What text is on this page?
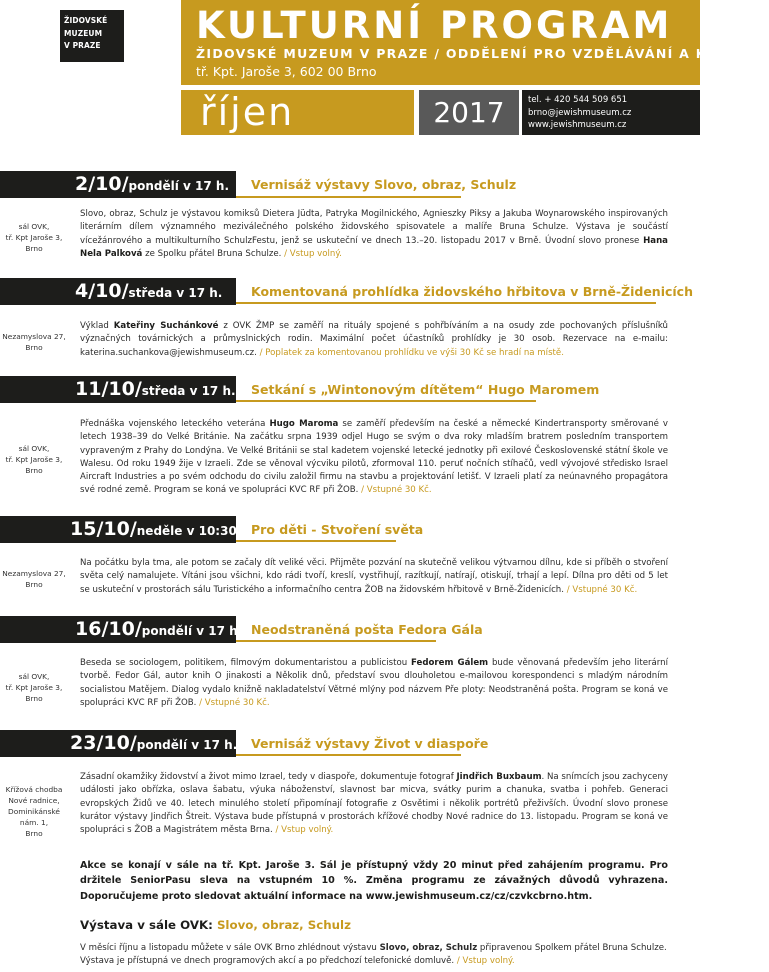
ŽIDOVSKÉ
MUZEUM
V PRAZE	KULTURNÍ PROGRAM
ŽIDOVSKÉ MUZEUM V PRAZE / ODDĚLENÍ PRO VZDĚLÁVÁNÍ A KULTURU
tř. Kpt. Jaroše 3, 602 00 Brno
říjen	2017	tel. + 420 544 509 651
brno@jewishmuseum.cz
www.jewishmuseum.cz
2/10/pondělí v 17 h. Vernisáž výstavy Slovo, obraz, Schulz
sál OVK,
tř. Kpt Jaroše 3,
Brno
Slovo, obraz, Schulz je výstavou komiksů Dietera Jüdta, Patryka Mogilnického, Agnieszky Piksy a Jakuba Woynarowského inspirovaných literárním dílem významného meziválečného polského židovského spisovatele a malíře Bruna Schulze. Výstava je součástí vícežánrového a multikulturního SchulzFestu, jenž se uskuteční ve dnech 13.–20. listopadu 2017 v Brně. Úvodní slovo pronese Hana Nela Palková ze Spolku přátel Bruna Schulze. / Vstup volný.
4/10/středa v 17 h. Komentovaná prohlídka židovského hřbitova v Brně-Židenicích
Nezamyslova 27,
Brno
Výklad Kateřiny Suchánkové z OVK ŽMP se zaměří na rituály spojené s pohřbíváním a na osudy zde pochovaných příslušníků význačných továrnických a průmyslnických rodin. Maximální počet účastníků prohlídky je 30 osob. Rezervace na e-mailu: katerina.suchankova@jewishmuseum.cz. / Poplatek za komentovanou prohlídku ve výši 30 Kč se hradí na místě.
11/10/středa v 17 h. Setkání s „Wintonovým dítětem“ Hugo Maromem
sál OVK,
tř. Kpt Jaroše 3,
Brno
Přednáška vojenského leteckého veterána Hugo Maroma se zaměří především na české a německé Kindertransporty směrované v letech 1938–39 do Velké Británie. Na začátku srpna 1939 odjel Hugo se svým o dva roky mladším bratrem posledním transportem vypraveným z Prahy do Londýna. Ve Velké Británii se stal kadetem vojenské letecké jednotky při exilové Československé státní škole ve Walesu. Od roku 1949 žije v Izraeli. Zde se věnoval výcviku pilotů, zformoval 110. peruť nočních stíhačů, vedl vývojové středisko Israel Aircraft Industries a po svém odchodu do civilu založil firmu na stavbu a projektování letišť. V Izraeli platí za neúnavného propagátora své rodné země. Program se koná ve spolupráci KVC RF při ŽOB. / Vstupné 30 Kč.
15/10/neděle v 10:30 h.
Pro děti - Stvoření světa
Nezamyslova 27,
Brno
Na počátku byla tma, ale potom se začaly dít veliké věci. Přijměte pozvání na skutečně velikou výtvarnou dílnu, kde si příběh o stvoření světa celý namalujete. Vítáni jsou všichni, kdo rádi tvoří, kreslí, vystřihují, razítkují, natírají, otiskují, trhají a lepí. Dílna pro děti od 5 let se uskuteční v prostorách sálu Turistického a informačního centra ŽOB na židovském hřbitově v Brně-Židenicích. / Vstupné 30 Kč.
16/10/pondělí v 17 h. Neodstraněná pošta Fedora Gála
sál OVK,
tř. Kpt Jaroše 3,
Brno
Beseda se sociologem, politikem, filmovým dokumentaristou a publicistou Fedorem Gálem bude věnovaná především jeho literární tvorbě. Fedor Gál, autor knih O jinakosti a Několik dnů, představí svou dlouholetou e-mailovou korespondenci s mladým národním socialistou Matějem. Dialog vydalo knižně nakladatelství Větrné mlýny pod názvem Pře ploty: Neodstraněná pošta. Program se koná ve spolupráci KVC RF při ŽOB. / Vstupné 30 Kč.
23/10/pondělí v 17 h. Vernisáž výstavy Život v diaspoře
Křížová chodba
Nové radnice,
Dominikánské nám. 1,
Brno
Zásadní okamžiky židovství a život mimo Izrael, tedy v diaspoře, dokumentuje fotograf Jindřich Buxbaum. Na snímcích jsou zachyceny události jako obřízka, oslava šabatu, výuka náboženství, slavnost bar micva, svátky purim a chanuka, svatba i pohřeb. Generaci evropských Židů ve 40. letech minulého století připomínají fotografie z Osvětimi i několik portrétů přeživších. Úvodní slovo pronese kurátor výstavy Jindřich Štreit. Výstava bude přístupná v prostorách křížové chodby Nové radnice do 13. listopadu. Program se koná ve spolupráci s ŽOB a Magistrátem města Brna. / Vstup volný.
Akce se konají v sále na tř. Kpt. Jaroše 3. Sál je přístupný vždy 20 minut před zahájením programu. Pro držitele SeniorPasu sleva na vstupném 10 %. Změna programu ze závažných důvodů vyhrazena. Doporučujeme proto sledovat aktuální informace na www.jewishmuseum.cz/cz/czvkcbrno.htm.
Výstava v sále OVK: Slovo, obraz, Schulz
V měsíci říjnu a listopadu můžete v sále OVK Brno zhlédnout výstavu Slovo, obraz, Schulz připravenou Spolkem přátel Bruna Schulze. Výstava je přístupná ve dnech programových akcí a po předchozí telefonické domluvě. / Vstup volný.
